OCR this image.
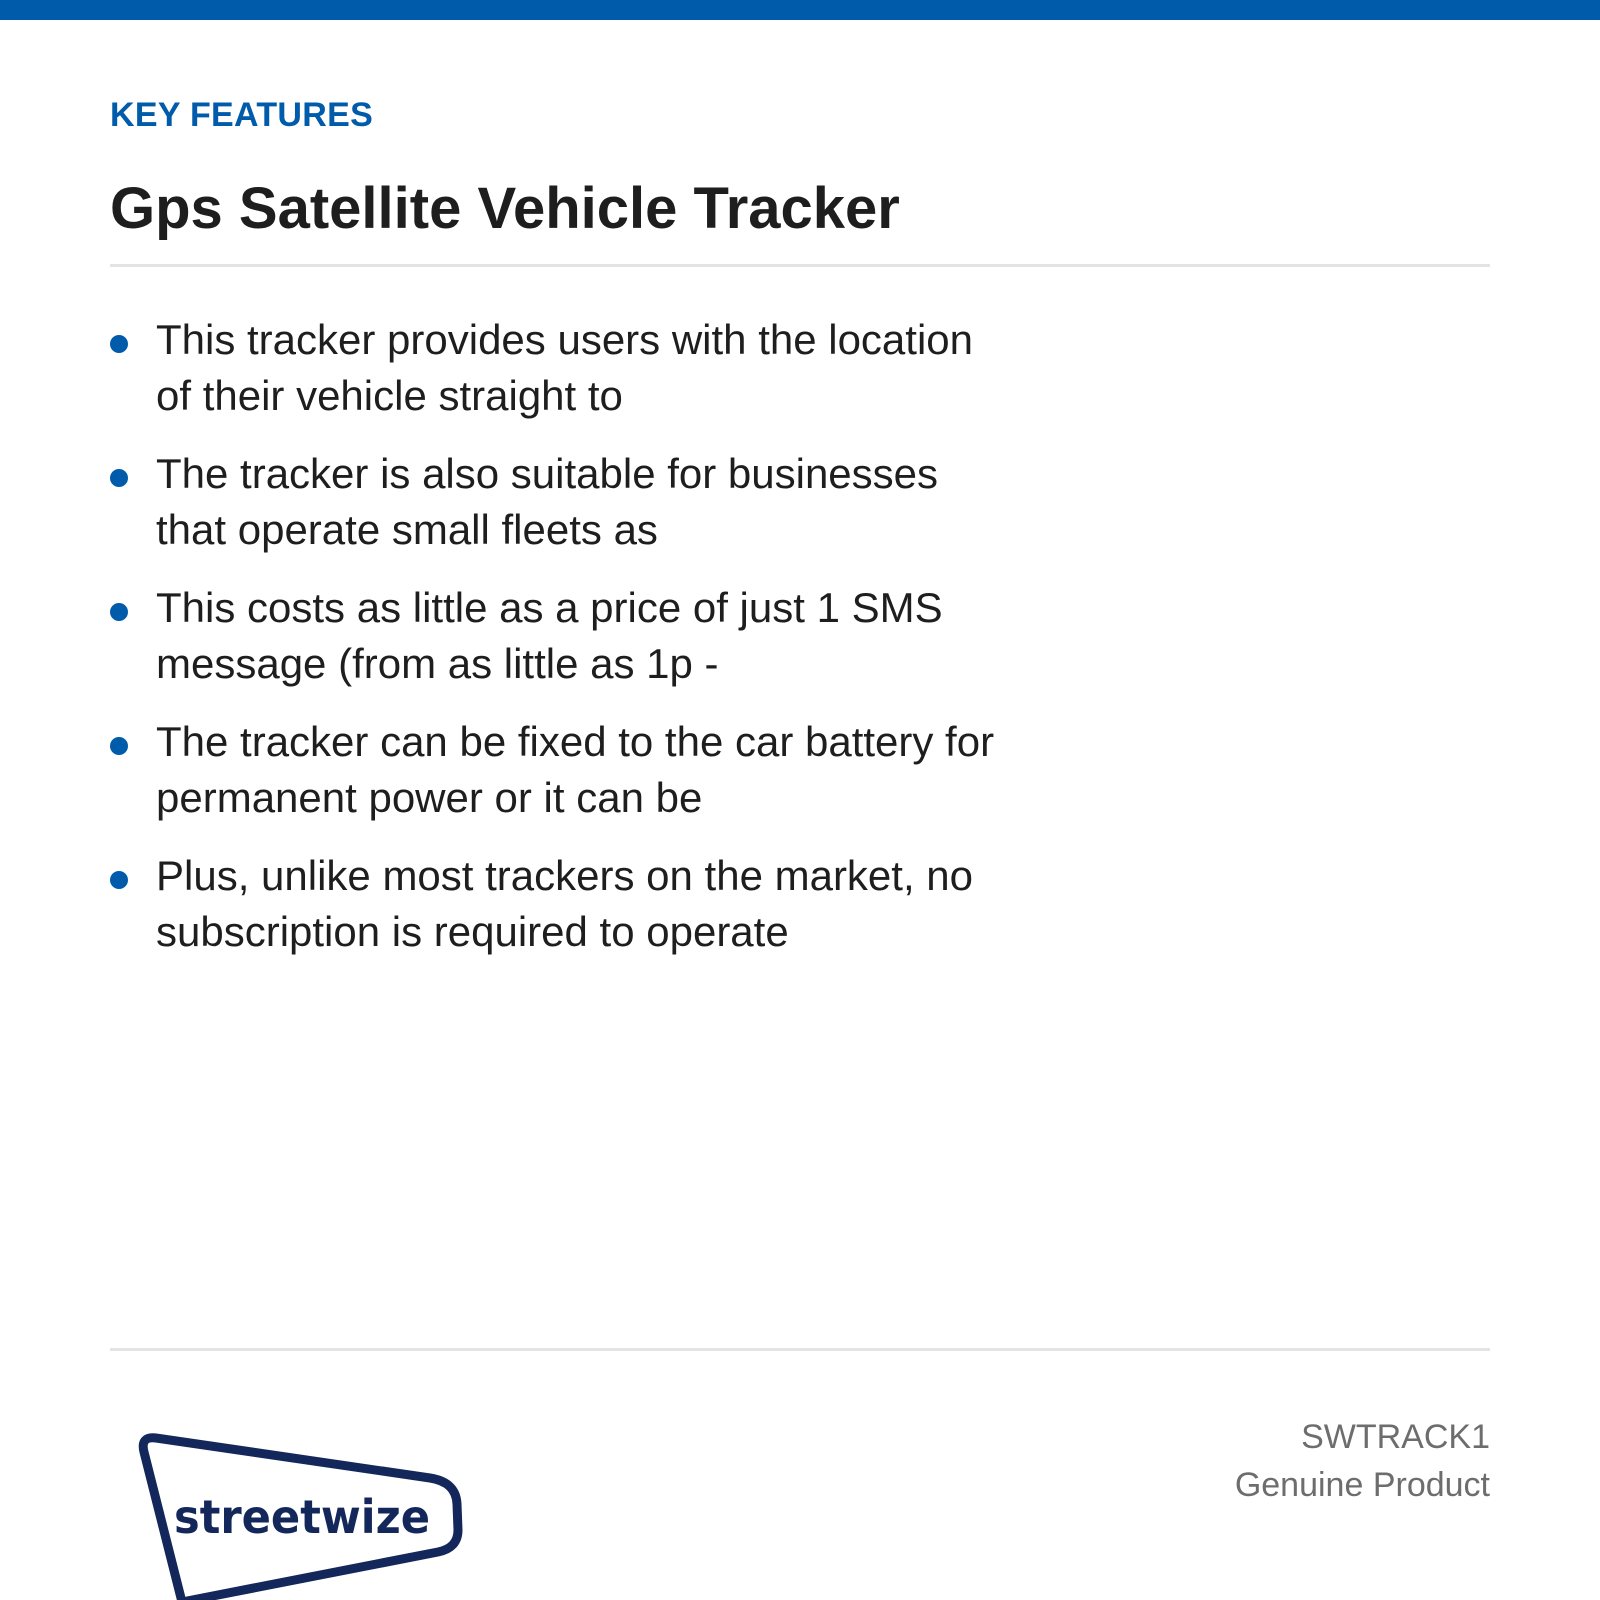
KEY FEATURES
Gps Satellite Vehicle Tracker
This tracker provides users with the location of their vehicle straight to
The tracker is also suitable for businesses that operate small fleets as
This costs as little as a price of just 1 SMS message (from as little as 1p -
The tracker can be fixed to the car battery for permanent power or it can be
Plus, unlike most trackers on the market, no subscription is required to operate
streetwize
SWTRACK1
Genuine Product
